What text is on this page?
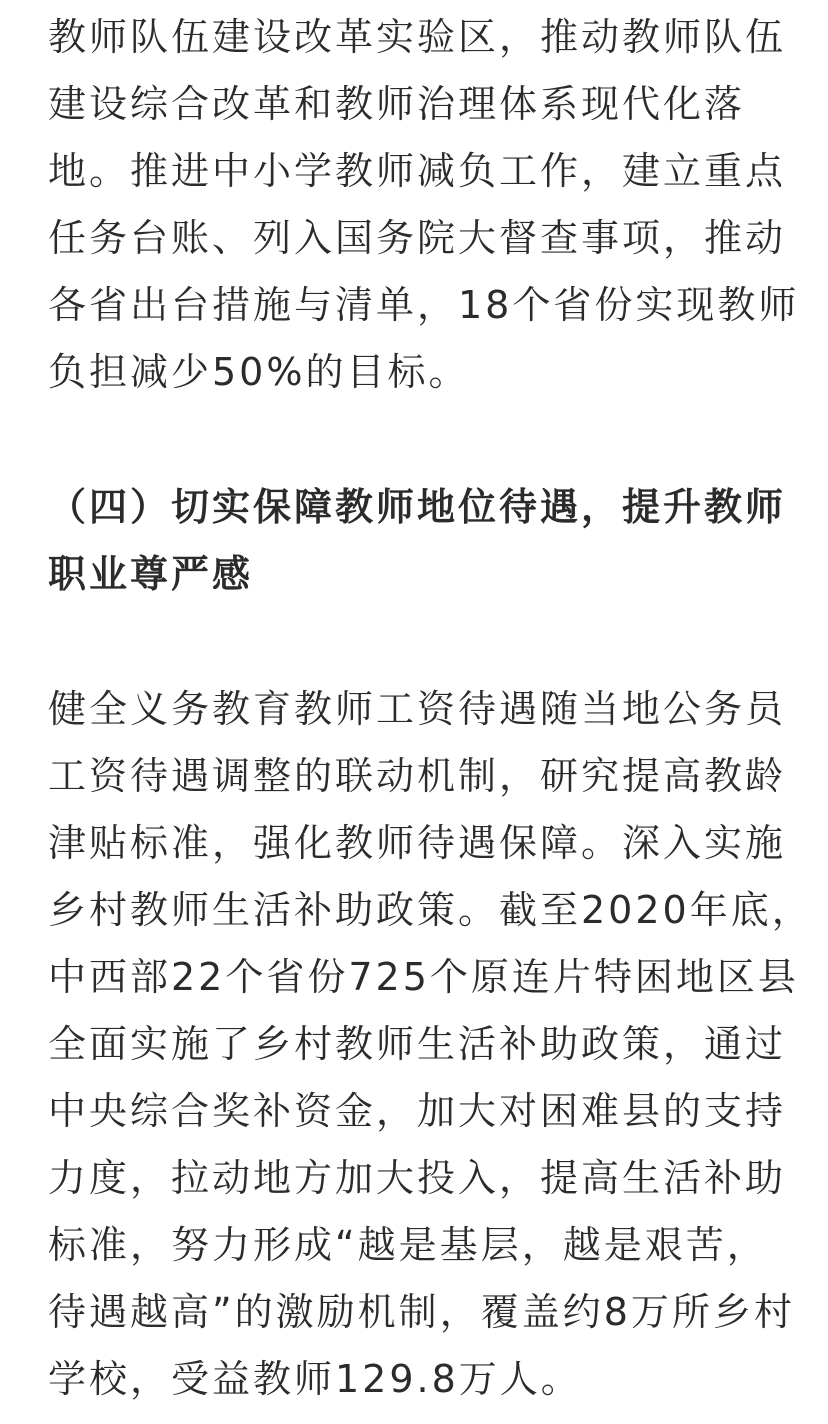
教师队伍建设改革实验区，推动教师队伍
建设综合改革和教师治理体系现代化落
地。推进中小学教师减负工作，建立重点
任务台账、列入国务院大督查事项，推动
各省出台措施与清单，18个省份实现教师
负担减少50%的目标。
（四）切实保障教师地位待遇，提升教师
职业尊严感
健全义务教育教师工资待遇随当地公务员
工资待遇调整的联动机制，研究提高教龄
津贴标准，强化教师待遇保障。深入实施
乡村教师生活补助政策。截至2020年底，
中西部22个省份725个原连片特困地区县
全面实施了乡村教师生活补助政策，通过
中央综合奖补资金，加大对困难县的支持
力度，拉动地方加大投入，提高生活补助
标准，努力形成“越是基层，越是艰苦，
待遇越高”的激励机制，覆盖约8万所乡村
学校，受益教师129.8万人。
